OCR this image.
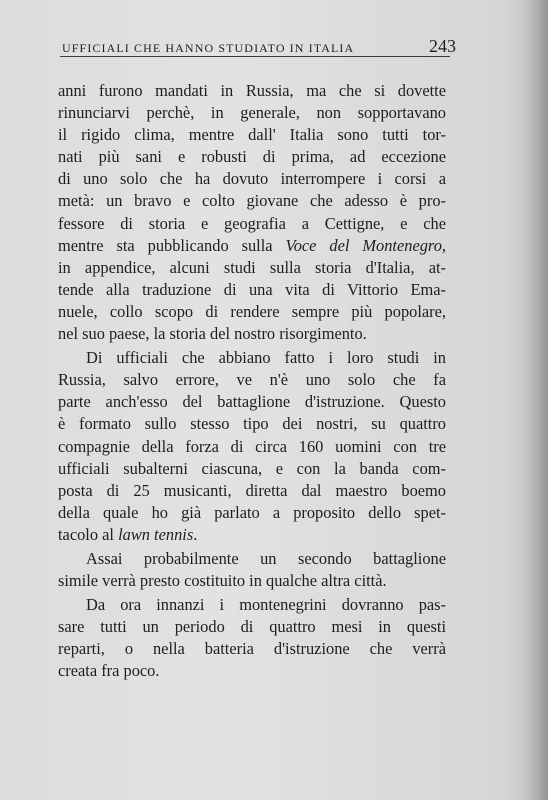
UFFICIALI CHE HANNO STUDIATO IN ITALIA	243
anni furono mandati in Russia, ma che si dovette
rinunciarvi perchè, in generale, non sopportavano
il rigido clima, mentre dall' Italia sono tutti tor-
nati più sani e robusti di prima, ad eccezione
di uno solo che ha dovuto interrompere i corsi a
metà: un bravo e colto giovane che adesso è pro-
fessore di storia e geografia a Cettigne, e che
mentre sta pubblicando sulla Voce del Montenegro,
in appendice, alcuni studi sulla storia d'Italia, at-
tende alla traduzione di una vita di Vittorio Ema-
nuele, collo scopo di rendere sempre più popolare,
nel suo paese, la storia del nostro risorgimento.
Di ufficiali che abbiano fatto i loro studi in
Russia, salvo errore, ve n'è uno solo che fa
parte anch'esso del battaglione d'istruzione. Questo
è formato sullo stesso tipo dei nostri, su quattro
compagnie della forza di circa 160 uomini con tre
ufficiali subalterni ciascuna, e con la banda com-
posta di 25 musicanti, diretta dal maestro boemo
della quale ho già parlato a proposito dello spet-
tacolo al lawn tennis.
Assai probabilmente un secondo battaglione
simile verrà presto costituito in qualche altra città.
Da ora innanzi i montenegrini dovranno pas-
sare tutti un periodo di quattro mesi in questi
reparti, o nella batteria d'istruzione che verrà
creata fra poco.
